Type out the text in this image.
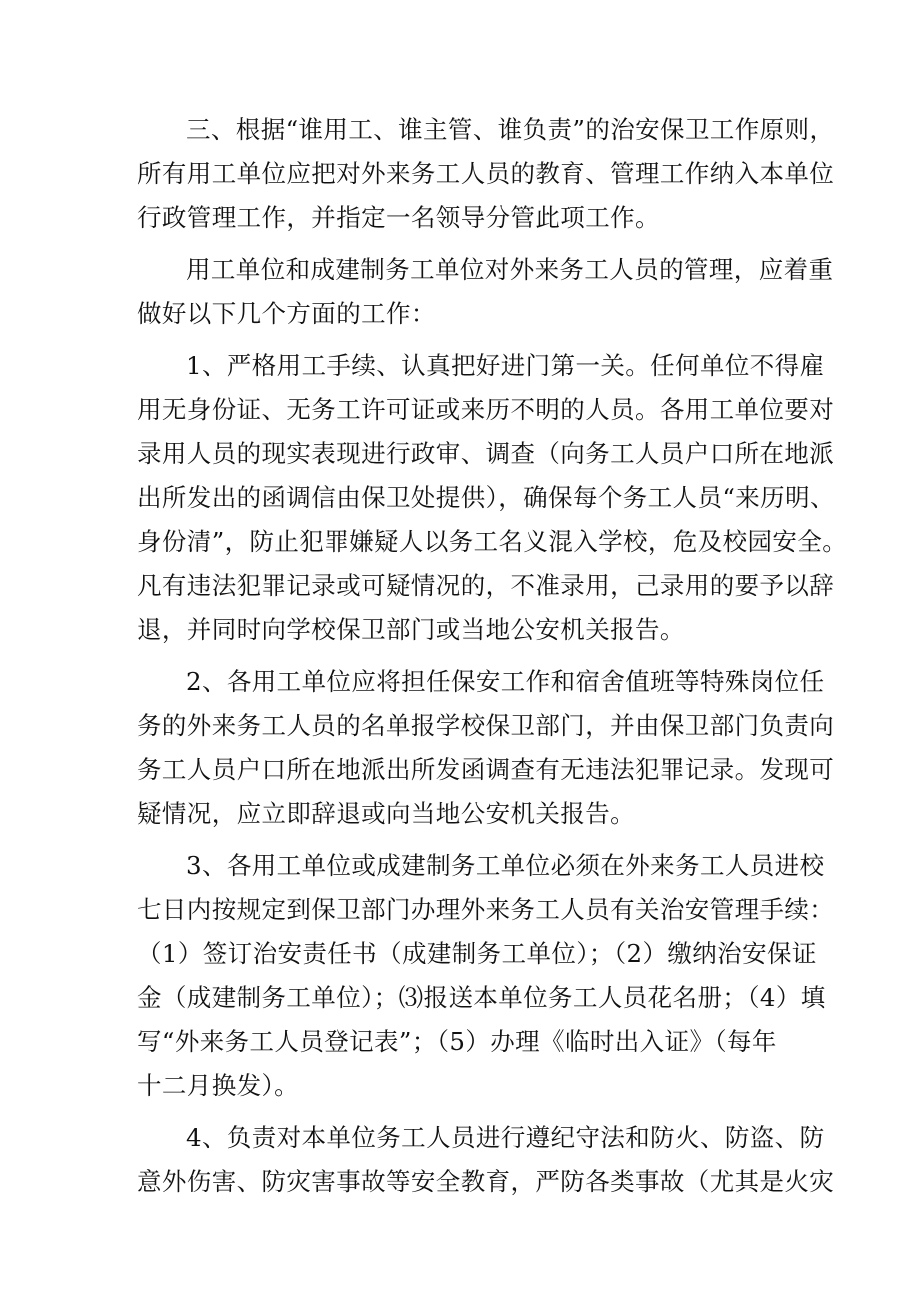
三、根据“谁用工、谁主管、谁负责”的治安保卫工作原则，
所有用工单位应把对外来务工人员的教育、管理工作纳入本单位
行政管理工作，并指定一名领导分管此项工作。

用工单位和成建制务工单位对外来务工人员的管理，应着重
做好以下几个方面的工作：

1、严格用工手续、认真把好进门第一关。任何单位不得雇
用无身份证、无务工许可证或来历不明的人员。各用工单位要对
录用人员的现实表现进行政审、调查（向务工人员户口所在地派
出所发出的函调信由保卫处提供），确保每个务工人员“来历明、
身份清”，防止犯罪嫌疑人以务工名义混入学校，危及校园安全。
凡有违法犯罪记录或可疑情况的，不准录用，己录用的要予以辞
退，并同时向学校保卫部门或当地公安机关报告。

2、各用工单位应将担任保安工作和宿舍值班等特殊岗位任
务的外来务工人员的名单报学校保卫部门，并由保卫部门负责向
务工人员户口所在地派出所发函调查有无违法犯罪记录。发现可
疑情况，应立即辞退或向当地公安机关报告。

3、各用工单位或成建制务工单位必须在外来务工人员进校
七日内按规定到保卫部门办理外来务工人员有关治安管理手续：
（1）签订治安责任书（成建制务工单位）；（2）缴纳治安保证
金（成建制务工单位）；⑶报送本单位务工人员花名册；（4）填
写“外来务工人员登记表”；（5）办理《临时出入证》（每年
十二月换发）。

4、负责对本单位务工人员进行遵纪守法和防火、防盗、防
意外伤害、防灾害事故等安全教育，严防各类事故（尤其是火灾
